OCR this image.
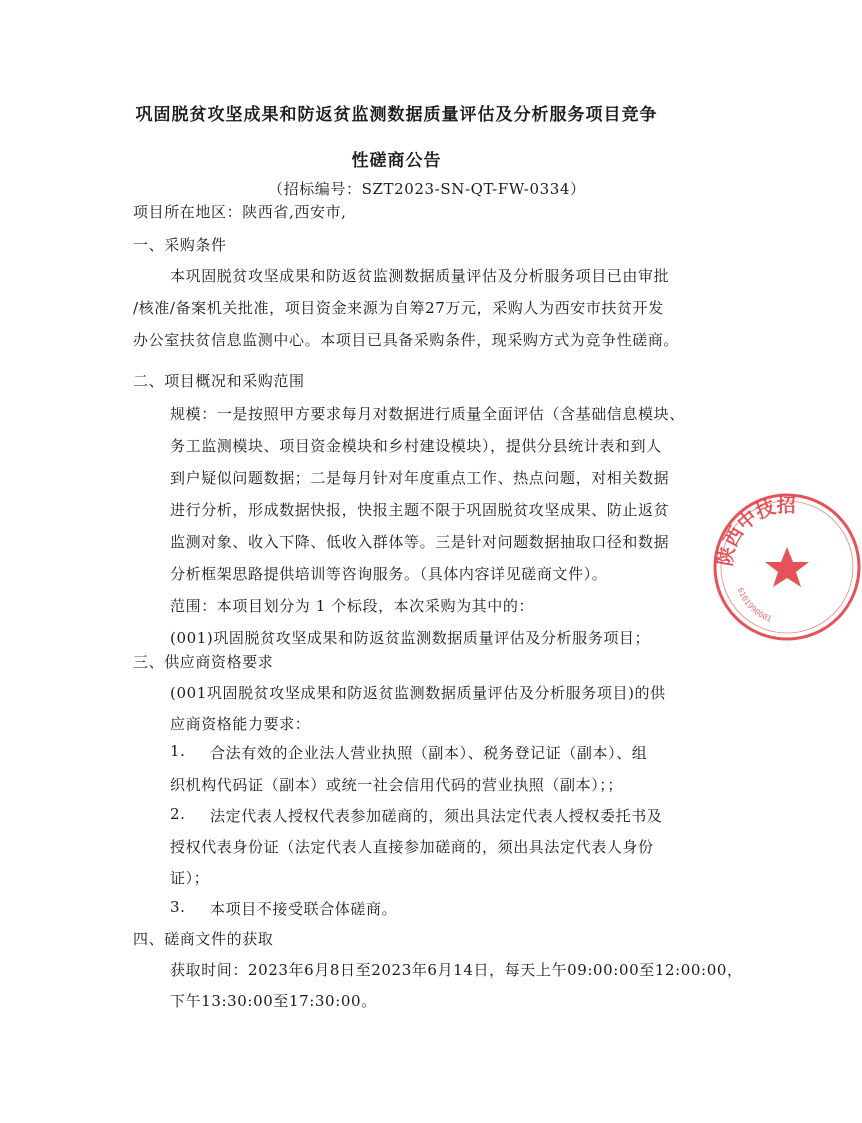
巩固脱贫攻坚成果和防返贫监测数据质量评估及分析服务项目竞争
性磋商公告
（招标编号：SZT2023-SN-QT-FW-0334）
项目所在地区：陕西省,西安市,
一、采购条件
本巩固脱贫攻坚成果和防返贫监测数据质量评估及分析服务项目已由审批
/核准/备案机关批准，项目资金来源为自筹27万元，采购人为西安市扶贫开发
办公室扶贫信息监测中心。本项目已具备采购条件，现采购方式为竞争性磋商。
二、项目概况和采购范围
规模：一是按照甲方要求每月对数据进行质量全面评估（含基础信息模块、
务工监测模块、项目资金模块和乡村建设模块），提供分县统计表和到人
到户疑似问题数据；二是每月针对年度重点工作、热点问题，对相关数据
进行分析，形成数据快报，快报主题不限于巩固脱贫攻坚成果、防止返贫
监测对象、收入下降、低收入群体等。三是针对问题数据抽取口径和数据
分析框架思路提供培训等咨询服务。（具体内容详见磋商文件）。
范围：本项目划分为 1 个标段，本次采购为其中的：
(001)巩固脱贫攻坚成果和防返贫监测数据质量评估及分析服务项目；
三、供应商资格要求
(001巩固脱贫攻坚成果和防返贫监测数据质量评估及分析服务项目)的供
应商资格能力要求：
1. 合法有效的企业法人营业执照（副本）、税务登记证（副本）、组
织机构代码证（副本）或统一社会信用代码的营业执照（副本）；；
2. 法定代表人授权代表参加磋商的，须出具法定代表人授权委托书及
授权代表身份证（法定代表人直接参加磋商的，须出具法定代表人身份
证）；
3. 本项目不接受联合体磋商。
四、磋商文件的获取
获取时间：2023年6月8日至2023年6月14日，每天上午09:00:00至12:00:00，
下午13:30:00至17:30:00。
陕西中技招
6101990001
